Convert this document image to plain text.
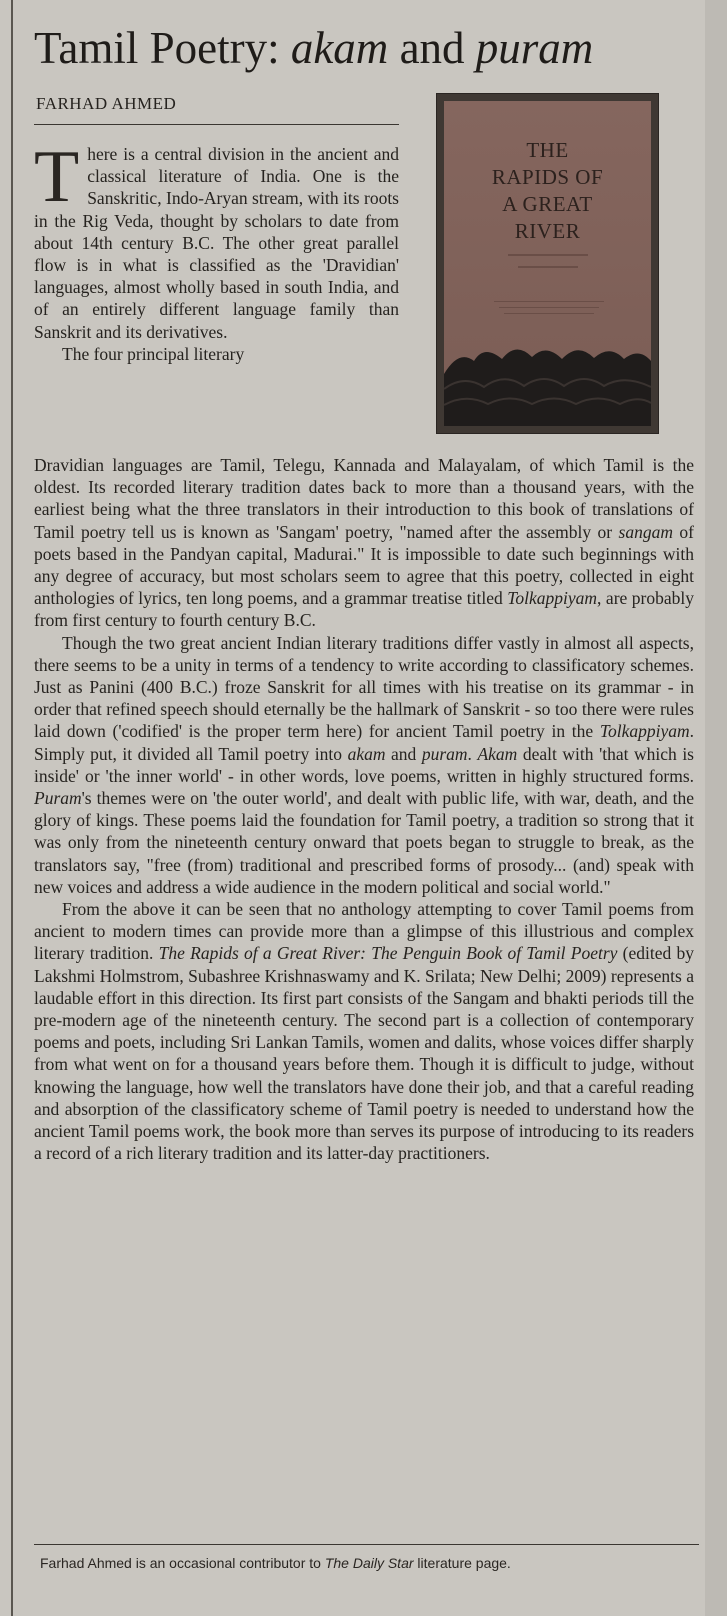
Tamil Poetry: akam and puram
FARHAD AHMED
THE
RAPIDS OF
A GREAT
RIVER

There is a central division in the ancient and classical literature of India. One is the Sanskritic, Indo-Aryan stream, with its roots in the Rig Veda, thought by scholars to date from about 14th century B.C. The other great parallel flow is in what is classified as the 'Dravidian' languages, almost wholly based in south India, and of an entirely different language family than Sanskrit and its derivatives.

The four principal literary

Dravidian languages are Tamil, Telegu, Kannada and Malayalam, of which Tamil is the oldest. Its recorded literary tradition dates back to more than a thousand years, with the earliest being what the three translators in their introduction to this book of translations of Tamil poetry tell us is known as 'Sangam' poetry, "named after the assembly or sangam of poets based in the Pandyan capital, Madurai." It is impossible to date such beginnings with any degree of accuracy, but most scholars seem to agree that this poetry, collected in eight anthologies of lyrics, ten long poems, and a grammar treatise titled Tolkappiyam, are probably from first century to fourth century B.C.

Though the two great ancient Indian literary traditions differ vastly in almost all aspects, there seems to be a unity in terms of a tendency to write according to classificatory schemes. Just as Panini (400 B.C.) froze Sanskrit for all times with his treatise on its grammar - in order that refined speech should eternally be the hallmark of Sanskrit - so too there were rules laid down ('codified' is the proper term here) for ancient Tamil poetry in the Tolkappiyam. Simply put, it divided all Tamil poetry into akam and puram. Akam dealt with 'that which is inside' or 'the inner world' - in other words, love poems, written in highly structured forms. Puram's themes were on 'the outer world', and dealt with public life, with war, death, and the glory of kings. These poems laid the foundation for Tamil poetry, a tradition so strong that it was only from the nineteenth century onward that poets began to struggle to break, as the translators say, "free (from) traditional and prescribed forms of prosody... (and) speak with new voices and address a wide audience in the modern political and social world."

From the above it can be seen that no anthology attempting to cover Tamil poems from ancient to modern times can provide more than a glimpse of this illustrious and complex literary tradition. The Rapids of a Great River: The Penguin Book of Tamil Poetry (edited by Lakshmi Holmstrom, Subashree Krishnaswamy and K. Srilata; New Delhi; 2009) represents a laudable effort in this direction. Its first part consists of the Sangam and bhakti periods till the pre-modern age of the nineteenth century. The second part is a collection of contemporary poems and poets, including Sri Lankan Tamils, women and dalits, whose voices differ sharply from what went on for a thousand years before them. Though it is difficult to judge, without knowing the language, how well the translators have done their job, and that a careful reading and absorption of the classificatory scheme of Tamil poetry is needed to understand how the ancient Tamil poems work, the book more than serves its purpose of introducing to its readers a record of a rich literary tradition and its latter-day practitioners.

Farhad Ahmed is an occasional contributor to The Daily Star literature page.
